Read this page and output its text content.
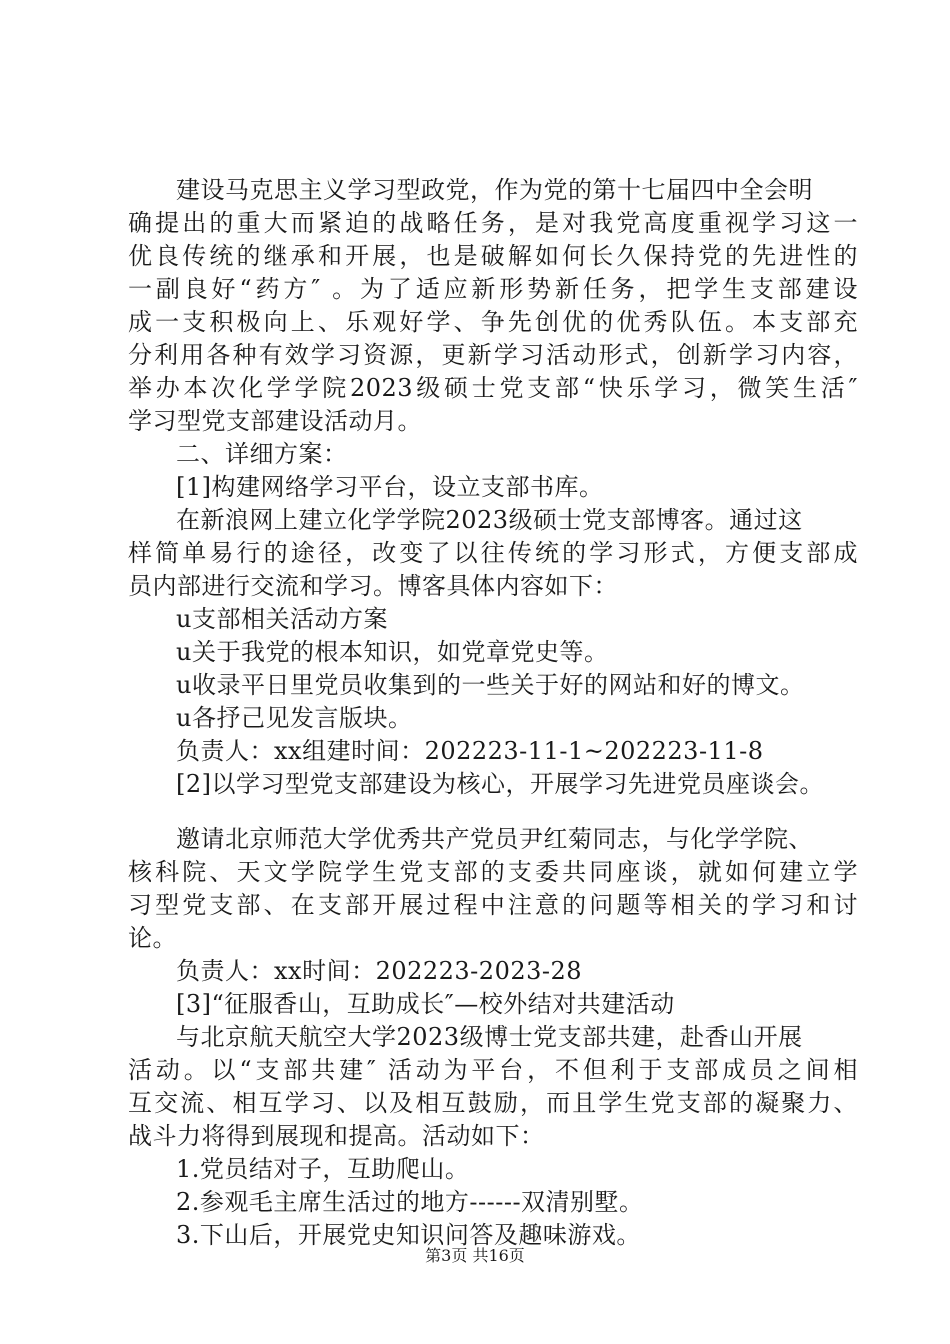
建设马克思主义学习型政党，作为党的第十七届四中全会明
确提出的重大而紧迫的战略任务，是对我党高度重视学习这一
优良传统的继承和开展，也是破解如何长久保持党的先进性的
一副良好“药方″ 。为了适应新形势新任务，把学生支部建设
成一支积极向上、乐观好学、争先创优的优秀队伍。本支部充
分利用各种有效学习资源，更新学习活动形式，创新学习内容，
举办本次化学学院2023级硕士党支部“快乐学习，微笑生活″
学习型党支部建设活动月。
二、详细方案：
[1]构建网络学习平台，设立支部书库。
在新浪网上建立化学学院2023级硕士党支部博客。通过这
样简单易行的途径，改变了以往传统的学习形式，方便支部成
员内部进行交流和学习。博客具体内容如下：
u支部相关活动方案
u关于我党的根本知识，如党章党史等。
u收录平日里党员收集到的一些关于好的网站和好的博文。
u各抒己见发言版块。
负责人：xx组建时间：202223-11-1~202223-11-8
[2]以学习型党支部建设为核心，开展学习先进党员座谈会。
邀请北京师范大学优秀共产党员尹红菊同志，与化学学院、
核科院、天文学院学生党支部的支委共同座谈，就如何建立学
习型党支部、在支部开展过程中注意的问题等相关的学习和讨
论。
负责人：xx时间：202223-2023-28
[3]“征服香山，互助成长″—校外结对共建活动
与北京航天航空大学2023级博士党支部共建，赴香山开展
活动。以“支部共建″ 活动为平台，不但利于支部成员之间相
互交流、相互学习、以及相互鼓励，而且学生党支部的凝聚力、
战斗力将得到展现和提高。活动如下：
1.党员结对子，互助爬山。
2.参观毛主席生活过的地方------双清别墅。
3.下山后，开展党史知识问答及趣味游戏。
第3页 共16页
